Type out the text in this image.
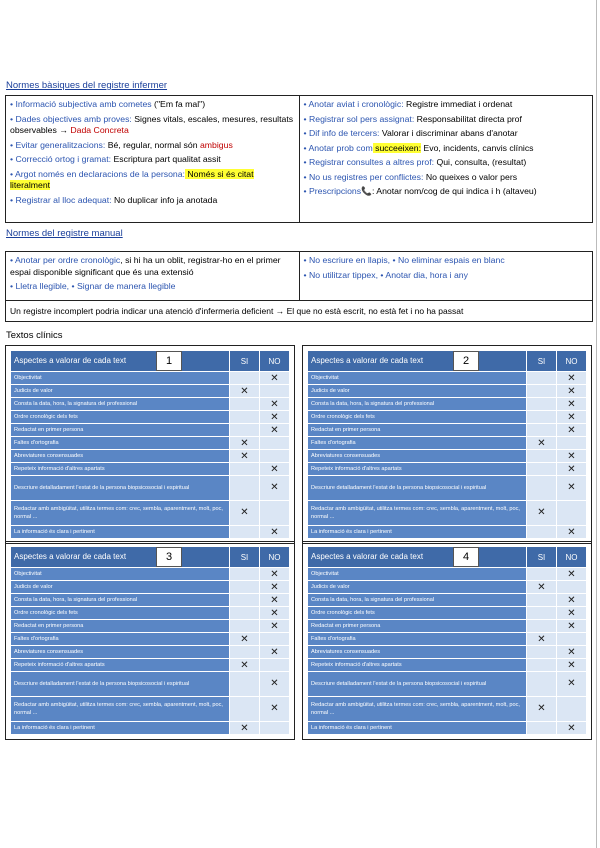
Normes bàsiques del registre infermer
• Informació subjectiva amb cometes ("Em fa mal")
• Dades objectives amb proves: Signes vitals, escales, mesures, resultats observables → Dada Concreta
• Evitar generalitzacions: Bé, regular, normal són ambigus
• Correcció ortog i gramat: Escriptura part qualitat assit
• Argot només en declaracions de la persona: Només si és citat literalment
• Registrar al lloc adequat: No duplicar info ja anotada
• Anotar aviat i cronològic: Registre immediat i ordenat
• Registrar sol pers assignat: Responsabilitat directa prof
• Dif info de tercers: Valorar i discriminar abans d'anotar
• Anotar prob com succeeixen: Evo, incidents, canvis clínics
• Registrar consultes a altres prof: Qui, consulta, (resultat)
• No us registres per conflictes: No queixes o valor pers
• Prescripcions📞: Anotar nom/cog de qui indica i h (altaveu)
Normes del registre manual
• Anotar per ordre cronològic, si hi ha un oblit, registrar-ho en el primer espai disponible significant que és una extensió
• Lletra llegible, • Signar de manera llegible
• No escriure en llapis, • No eliminar espais en blanc
• No utilitzar tippex, • Anotar dia, hora i any
Un registre incomplert podria indicar una atenció d'infermeria deficient → El que no està escrit, no està fet i no ha passat
Textos clínics
Aspectes a valorar de cada text 1	SI	NO
Objectivitat		✕
Judicis de valor	✕	
Consta la data, hora, la signatura del professional		✕
Ordre cronològic dels fets		✕
Redactat en primer persona		✕
Faltes d'ortografia	✕	
Abreviatures consensuades	✕	
Repeteix informació d'altres apartats		✕
Descriure detalladament l'estat de la persona biopsicosocial i espiritual		✕
Redactar amb ambigüitat, utilitza termes com: crec, sembla, aparentment, molt, poc, normal ...	✕	
La informació és clara i pertinent		✕
Aspectes a valorar de cada text 2	SI	NO
Objectivitat		✕
Judicis de valor		✕
Consta la data, hora, la signatura del professional		✕
Ordre cronològic dels fets		✕
Redactat en primer persona		✕
Faltes d'ortografia	✕	
Abreviatures consensuades		✕
Repeteix informació d'altres apartats		✕
Descriure detalladament l'estat de la persona biopsicosocial i espiritual		✕
Redactar amb ambigüitat, utilitza termes com: crec, sembla, aparentment, molt, poc, normal ...	✕	
La informació és clara i pertinent		✕
Aspectes a valorar de cada text 3	SI	NO
Objectivitat		✕
Judicis de valor		✕
Consta la data, hora, la signatura del professional		✕
Ordre cronològic dels fets		✕
Redactat en primer persona		✕
Faltes d'ortografia	✕	
Abreviatures consensuades		✕
Repeteix informació d'altres apartats	✕	
Descriure detalladament l'estat de la persona biopsicosocial i espiritual		✕
Redactar amb ambigüitat, utilitza termes com: crec, sembla, aparentment, molt, poc, normal ...		✕
La informació és clara i pertinent	✕	
Aspectes a valorar de cada text 4	SI	NO
Objectivitat		✕
Judicis de valor	✕	
Consta la data, hora, la signatura del professional		✕
Ordre cronològic dels fets		✕
Redactat en primer persona		✕
Faltes d'ortografia	✕	
Abreviatures consensuades		✕
Repeteix informació d'altres apartats		✕
Descriure detalladament l'estat de la persona biopsicosocial i espiritual		✕
Redactar amb ambigüitat, utilitza termes com: crec, sembla, aparentment, molt, poc, normal ...	✕	
La informació és clara i pertinent		✕
